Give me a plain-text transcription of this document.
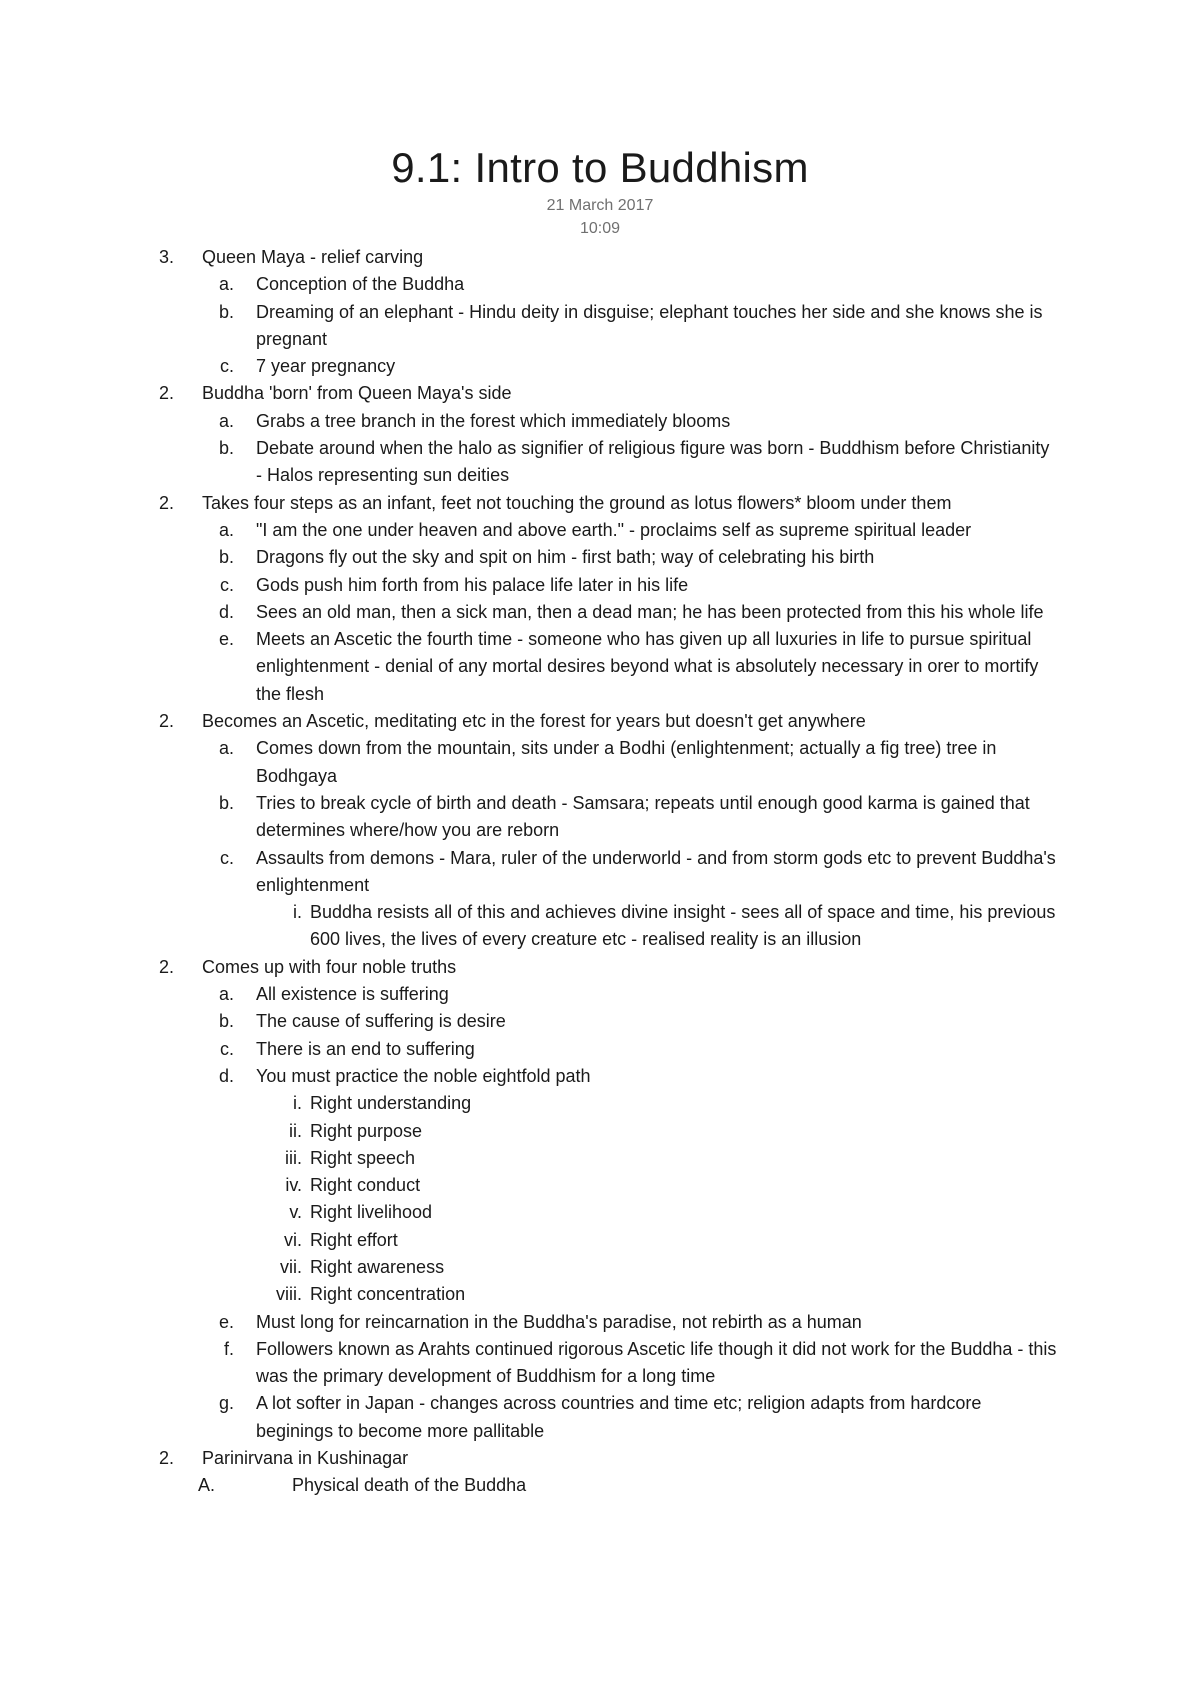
9.1: Intro to Buddhism
21 March 2017
10:09
3. Queen Maya - relief carving
a. Conception of the Buddha
b. Dreaming of an elephant - Hindu deity in disguise; elephant touches her side and she knows she is pregnant
c. 7 year pregnancy
2. Buddha 'born' from Queen Maya's side
a. Grabs a tree branch in the forest which immediately blooms
b. Debate around when the halo as signifier of religious figure was born - Buddhism before Christianity - Halos representing sun deities
2. Takes four steps as an infant, feet not touching the ground as lotus flowers* bloom under them
a. "I am the one under heaven and above earth." - proclaims self as supreme spiritual leader
b. Dragons fly out the sky and spit on him - first bath; way of celebrating his birth
c. Gods push him forth from his palace life later in his life
d. Sees an old man, then a sick man, then a dead man; he has been protected from this his whole life
e. Meets an Ascetic the fourth time - someone who has given up all luxuries in life to pursue spiritual enlightenment - denial of any mortal desires beyond what is absolutely necessary in orer to mortify the flesh
2. Becomes an Ascetic, meditating etc in the forest for years but doesn't get anywhere
a. Comes down from the mountain, sits under a Bodhi (enlightenment; actually a fig tree) tree in Bodhgaya
b. Tries to break cycle of birth and death - Samsara; repeats until enough good karma is gained that determines where/how you are reborn
c. Assaults from demons - Mara, ruler of the underworld - and from storm gods etc to prevent Buddha's enlightenment
i. Buddha resists all of this and achieves divine insight - sees all of space and time, his previous 600 lives, the lives of every creature etc - realised reality is an illusion
2. Comes up with four noble truths
a. All existence is suffering
b. The cause of suffering is desire
c. There is an end to suffering
d. You must practice the noble eightfold path
i. Right understanding
ii. Right purpose
iii. Right speech
iv. Right conduct
v. Right livelihood
vi. Right effort
vii. Right awareness
viii. Right concentration
e. Must long for reincarnation in the Buddha's paradise, not rebirth as a human
f. Followers known as Arahts continued rigorous Ascetic life though it did not work for the Buddha - this was the primary development of Buddhism for a long time
g. A lot softer in Japan - changes across countries and time etc; religion adapts from hardcore beginings to become more pallitable
2. Parinirvana in Kushinagar
A.	Physical death of the Buddha
